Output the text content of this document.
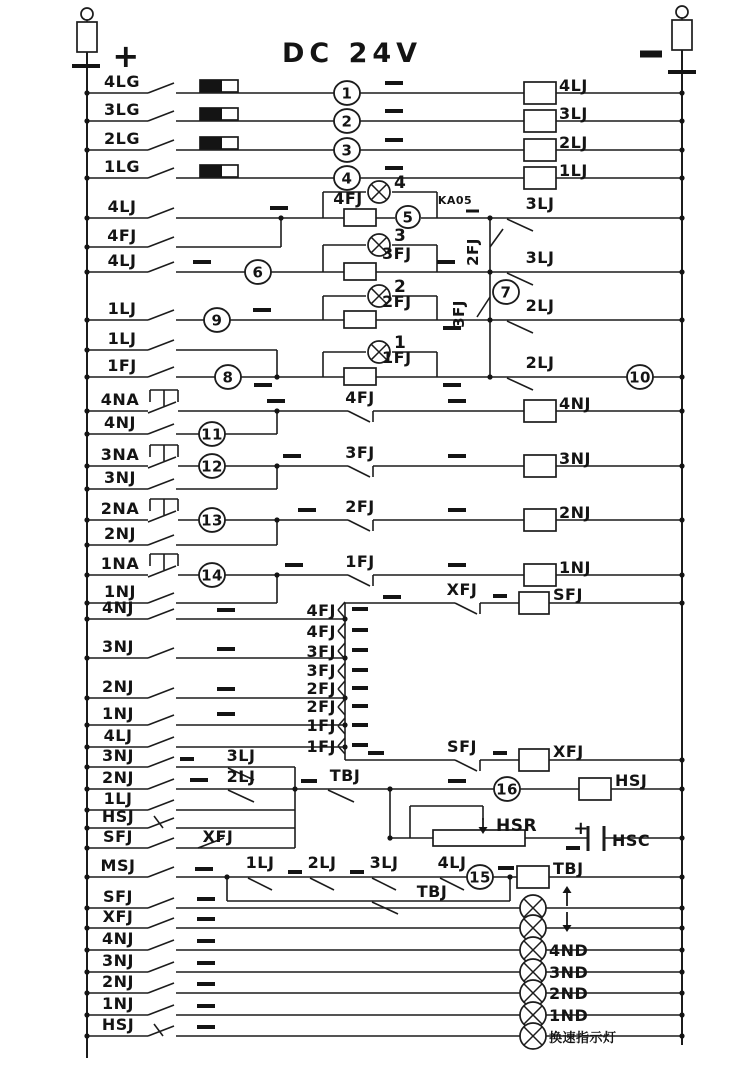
1
2
3
4
5
6
7
8
9
10
11
12
13
14
15
16
DC 24V
+
4LG
3LG
2LG
1LG
4LJ
3LJ
2LJ
1LJ
4LJ
4FJ
4LJ
1LJ
1LJ
1FJ
4FJ
4
KA05	3LJ
3
3FJ	3LJ
2
2FJ	2LJ
1
1FJ	2LJ
2FJ
3FJ
4NA	4FJ	4NJ
4NJ
3NA	3FJ	3NJ
3NJ
2NA	2FJ	2NJ
2NJ
1NA	1FJ	1NJ
1NJ	XFJ	SFJ
4NJ
3NJ
2NJ
1NJ
4LJ
4FJ
4FJ
3FJ
3FJ
2FJ
2FJ
1FJ
1FJ	SFJ	XFJ
3NJ	3LJ
2NJ	2LJ	TBJ	HSJ
1LJ
HSJ
SFJ	XFJ
HSR +
HSC
MSJ	1LJ 2LJ 3LJ 4LJ
TBJ
TBJ
SFJ
XFJ
4NJ
4ND
3NJ
3ND
2NJ
2ND
1NJ
1ND
HSJ
换速指示灯
